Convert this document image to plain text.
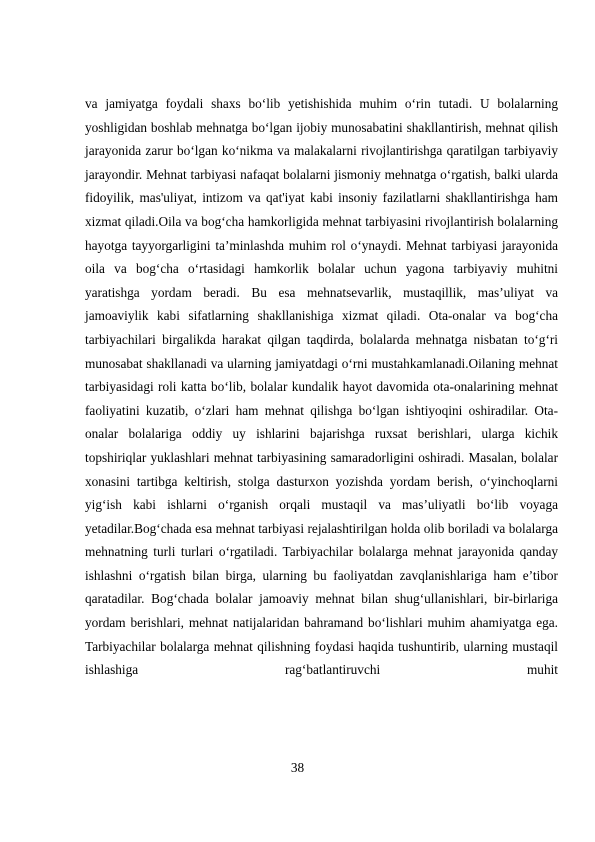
va jamiyatga foydali shaxs bo‘lib yetishishida muhim o‘rin tutadi. U bolalarning yoshligidan boshlab mehnatga bo‘lgan ijobiy munosabatini shakllantirish, mehnat qilish jarayonida zarur bo‘lgan ko‘nikma va malakalarni rivojlantirishga qaratilgan tarbiyaviy jarayondir. Mehnat tarbiyasi nafaqat bolalarni jismoniy mehnatga o‘rgatish, balki ularda fidoyilik, mas'uliyat, intizom va qat'iyat kabi insoniy fazilatlarni shakllantirishga ham xizmat qiladi.Oila va bog‘cha hamkorligida mehnat tarbiyasini rivojlantirish bolalarning hayotga tayyorgarligini ta’minlashda muhim rol o‘ynaydi. Mehnat tarbiyasi jarayonida oila va bog‘cha o‘rtasidagi hamkorlik bolalar uchun yagona tarbiyaviy muhitni yaratishga yordam beradi. Bu esa mehnatsevarlik, mustaqillik, mas’uliyat va jamoaviylik kabi sifatlarning shakllanishiga xizmat qiladi. Ota-onalar va bog‘cha tarbiyachilari birgalikda harakat qilgan taqdirda, bolalarda mehnatga nisbatan to‘g‘ri munosabat shakllanadi va ularning jamiyatdagi o‘rni mustahkamlanadi.Oilaning mehnat tarbiyasidagi roli katta bo‘lib, bolalar kundalik hayot davomida ota-onalarining mehnat faoliyatini kuzatib, o‘zlari ham mehnat qilishga bo‘lgan ishtiyoqini oshiradilar. Ota-onalar bolalariga oddiy uy ishlarini bajarishga ruxsat berishlari, ularga kichik topshiriqlar yuklashlari mehnat tarbiyasining samaradorligini oshiradi. Masalan, bolalar xonasini tartibga keltirish, stolga dasturxon yozishda yordam berish, o‘yinchoqlarni yig‘ish kabi ishlarni o‘rganish orqali mustaqil va mas’uliyatli bo‘lib voyaga yetadilar.Bog‘chada esa mehnat tarbiyasi rejalashtirilgan holda olib boriladi va bolalarga mehnatning turli turlari o‘rgatiladi. Tarbiyachilar bolalarga mehnat jarayonida qanday ishlashni o‘rgatish bilan birga, ularning bu faoliyatdan zavqlanishlariga ham e’tibor qaratadilar. Bog‘chada bolalar jamoaviy mehnat bilan shug‘ullanishlari, bir-birlariga yordam berishlari, mehnat natijalaridan bahramand bo‘lishlari muhim ahamiyatga ega. Tarbiyachilar bolalarga mehnat qilishning foydasi haqida tushuntirib, ularning mustaqil ishlashiga rag‘batlantiruvchi muhit

38
